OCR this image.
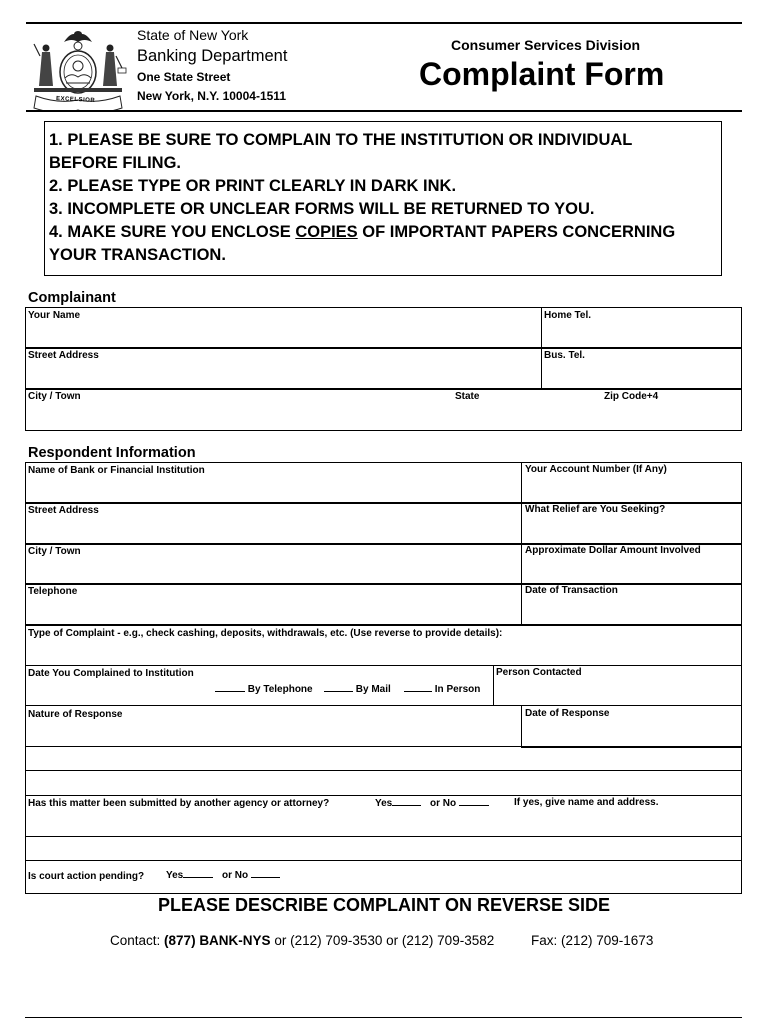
EXCELSIOR
State of New York
Banking Department
One State Street
New York, N.Y. 10004-1511
Consumer Services Division
Complaint Form
1. PLEASE BE SURE TO COMPLAIN TO THE INSTITUTION OR INDIVIDUAL
BEFORE FILING.
2. PLEASE TYPE OR PRINT CLEARLY IN DARK INK.
3. INCOMPLETE OR UNCLEAR FORMS WILL BE RETURNED TO YOU.
4. MAKE SURE YOU ENCLOSE COPIES OF IMPORTANT PAPERS CONCERNING
YOUR TRANSACTION.
Complainant
Your Name	Home Tel.
Street Address	Bus. Tel.
City / Town	State	Zip Code+4
Respondent Information
Name of Bank or Financial Institution	Your Account Number (If Any)
Street Address	What Relief are You Seeking?
City / Town	Approximate Dollar Amount Involved
Telephone	Date of Transaction
Type of Complaint - e.g., check cashing, deposits, withdrawals, etc. (Use reverse to provide details):
Date You Complained to Institution	Person Contacted
By Telephone	By Mail	In Person
Nature of Response	Date of Response
Has this matter been submitted by another agency or attorney?	Yes	or No	If yes, give name and address.
Is court action pending? Yes	or No
PLEASE DESCRIBE COMPLAINT ON REVERSE SIDE
Contact: (877) BANK-NYS or (212) 709-3530 or (212) 709-3582	Fax: (212) 709-1673
